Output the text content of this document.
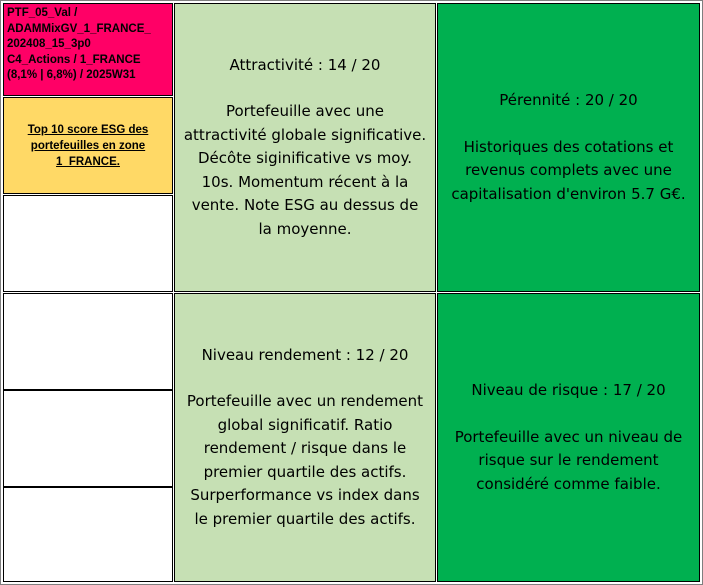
PTF_05_Val /
ADAMMixGV_1_FRANCE_
202408_15_3p0
C4_Actions / 1_FRANCE
(8,1% | 6,8%) / 2025W31
Top 10 score ESG des portefeuilles en zone 1_FRANCE.
Attractivité : 14 / 20
Portefeuille avec une attractivité globale significative. Décôte siginificative vs moy. 10s. Momentum récent à la vente. Note ESG au dessus de la moyenne.
Pérennité : 20 / 20
Historiques des cotations et revenus complets avec une capitalisation d'environ 5.7 G€.
Niveau rendement : 12 / 20
Portefeuille avec un rendement global significatif. Ratio rendement / risque dans le premier quartile des actifs. Surperformance vs index dans le premier quartile des actifs.
Niveau de risque : 17 / 20
Portefeuille avec un niveau de risque sur le rendement considéré comme faible.
